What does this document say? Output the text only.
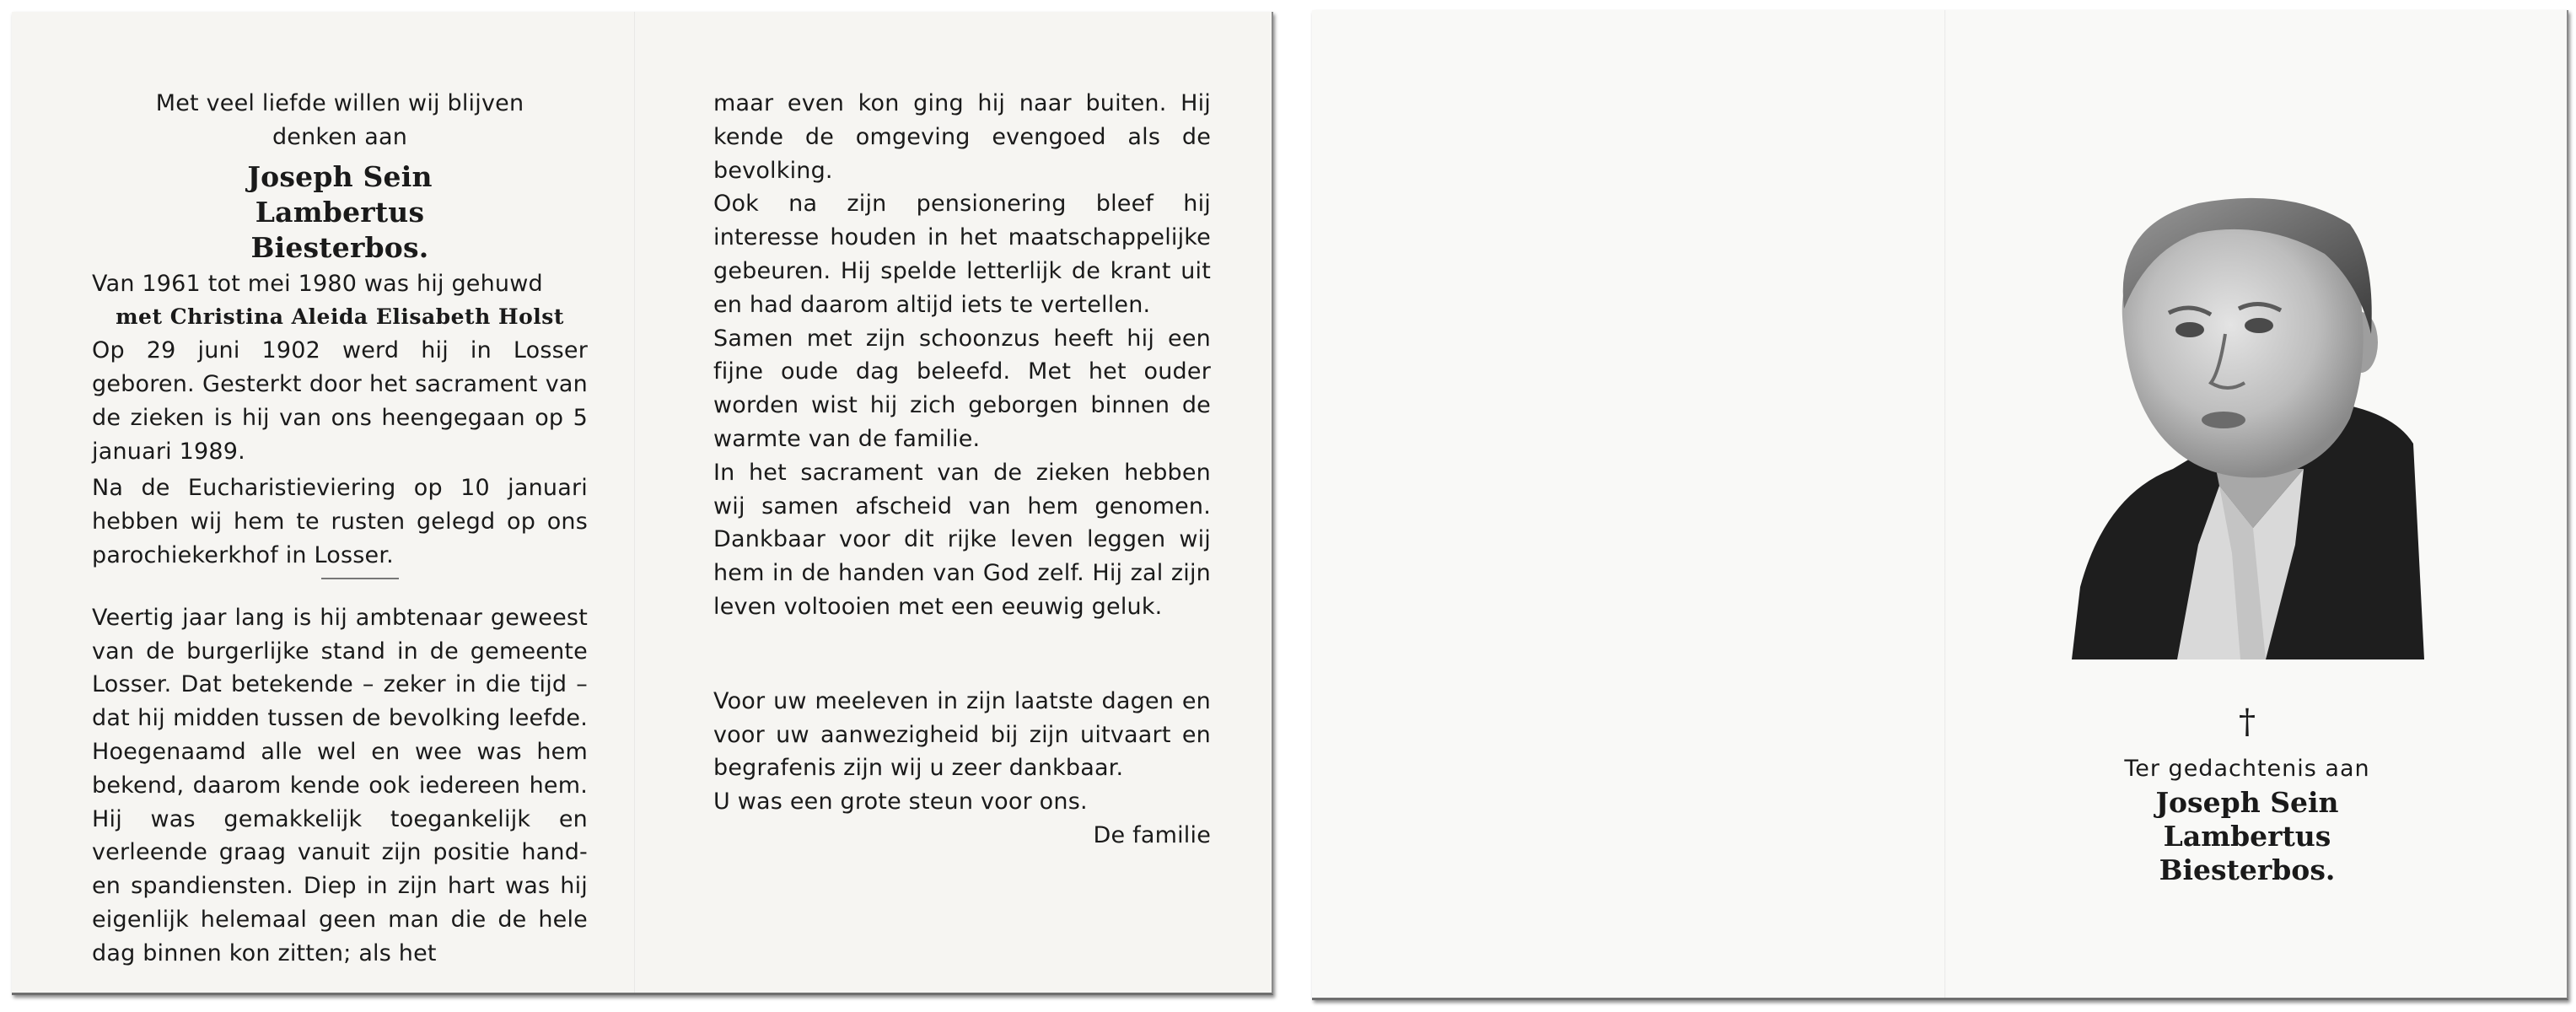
Met veel liefde willen wij blijven denken aan

Joseph Sein Lambertus Biesterbos.

Van 1961 tot mei 1980 was hij gehuwd

met Christina Aleida Elisabeth Holst

Op 29 juni 1902 werd hij in Losser geboren. Gesterkt door het sacrament van de zieken is hij van ons heengegaan op 5 januari 1989.

Na de Eucharistieviering op 10 januari hebben wij hem te rusten gelegd op ons parochiekerkhof in Losser.

Veertig jaar lang is hij ambtenaar geweest van de burgerlijke stand in de gemeente Losser. Dat betekende – zeker in die tijd – dat hij midden tussen de bevolking leefde. Hoegenaamd alle wel en wee was hem bekend, daarom kende ook iedereen hem. Hij was gemakkelijk toegankelijk en verleende graag vanuit zijn positie hand- en spandiensten. Diep in zijn hart was hij eigenlijk helemaal geen man die de hele dag binnen kon zitten; als het

maar even kon ging hij naar buiten. Hij kende de omgeving evengoed als de bevolking.

Ook na zijn pensionering bleef hij interesse houden in het maatschappelijke gebeuren. Hij spelde letterlijk de krant uit en had daarom altijd iets te vertellen.

Samen met zijn schoonzus heeft hij een fijne oude dag beleefd. Met het ouder worden wist hij zich geborgen binnen de warmte van de familie.

In het sacrament van de zieken hebben wij samen afscheid van hem genomen. Dankbaar voor dit rijke leven leggen wij hem in de handen van God zelf. Hij zal zijn leven voltooien met een eeuwig geluk.

Voor uw meeleven in zijn laatste dagen en voor uw aanwezigheid bij zijn uitvaart en begrafenis zijn wij u zeer dankbaar.

U was een grote steun voor ons.

De familie

†
Ter gedachtenis aan
Joseph Sein Lambertus Biesterbos.
